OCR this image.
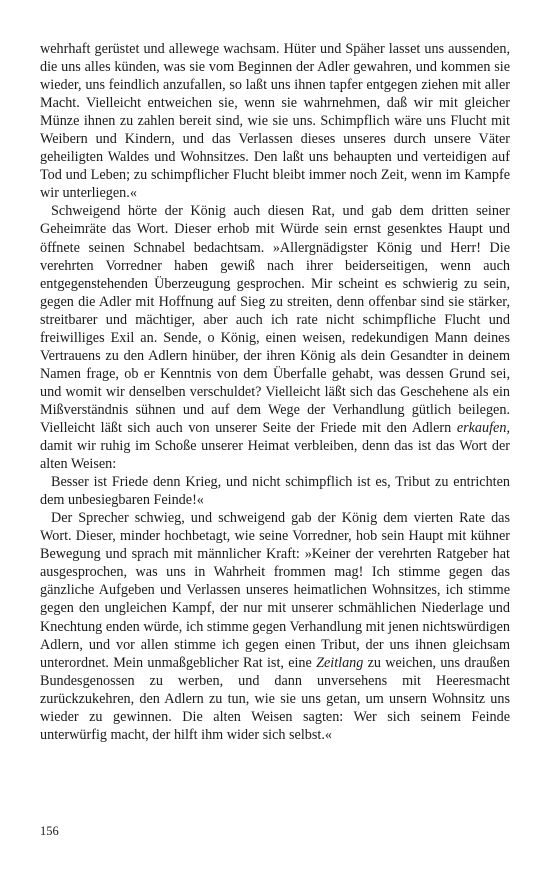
wehrhaft gerüstet und allewege wachsam. Hüter und Späher lasset uns aussenden, die uns alles künden, was sie vom Beginnen der Adler gewahren, und kommen sie wieder, uns feindlich anzufallen, so laßt uns ihnen tapfer entgegen ziehen mit aller Macht. Vielleicht entweichen sie, wenn sie wahrnehmen, daß wir mit gleicher Münze ihnen zu zahlen bereit sind, wie sie uns. Schimpflich wäre uns Flucht mit Weibern und Kindern, und das Verlassen dieses unseres durch unsere Väter geheiligten Waldes und Wohnsitzes. Den laßt uns behaupten und verteidigen auf Tod und Leben; zu schimpflicher Flucht bleibt immer noch Zeit, wenn im Kampfe wir unterliegen.«

Schweigend hörte der König auch diesen Rat, und gab dem dritten seiner Geheimräte das Wort. Dieser erhob mit Würde sein ernst gesenktes Haupt und öffnete seinen Schnabel bedachtsam. »Allergnädigster König und Herr! Die verehrten Vorredner haben gewiß nach ihrer beiderseitigen, wenn auch entgegenstehenden Überzeugung gesprochen. Mir scheint es schwierig zu sein, gegen die Adler mit Hoffnung auf Sieg zu streiten, denn offenbar sind sie stärker, streitbarer und mächtiger, aber auch ich rate nicht schimpfliche Flucht und freiwilliges Exil an. Sende, o König, einen weisen, redekundigen Mann deines Vertrauens zu den Adlern hinüber, der ihren König als dein Gesandter in deinem Namen frage, ob er Kenntnis von dem Überfalle gehabt, was dessen Grund sei, und womit wir denselben verschuldet? Vielleicht läßt sich das Geschehene als ein Mißverständnis sühnen und auf dem Wege der Verhandlung gütlich beilegen. Vielleicht läßt sich auch von unserer Seite der Friede mit den Adlern erkaufen, damit wir ruhig im Schoße unserer Heimat verbleiben, denn das ist das Wort der alten Weisen:

Besser ist Friede denn Krieg, und nicht schimpflich ist es, Tribut zu entrichten dem unbesiegbaren Feinde!«

Der Sprecher schwieg, und schweigend gab der König dem vierten Rate das Wort. Dieser, minder hochbetagt, wie seine Vorredner, hob sein Haupt mit kühner Bewegung und sprach mit männlicher Kraft: »Keiner der verehrten Ratgeber hat ausgesprochen, was uns in Wahrheit frommen mag! Ich stimme gegen das gänzliche Aufgeben und Verlassen unseres heimatlichen Wohnsitzes, ich stimme gegen den ungleichen Kampf, der nur mit unserer schmählichen Niederlage und Knechtung enden würde, ich stimme gegen Verhandlung mit jenen nichtswürdigen Adlern, und vor allen stimme ich gegen einen Tribut, der uns ihnen gleichsam unterordnet. Mein unmaßgeblicher Rat ist, eine Zeitlang zu weichen, uns draußen Bundesgenossen zu werben, und dann unversehens mit Heeresmacht zurückzukehren, den Adlern zu tun, wie sie uns getan, um unsern Wohnsitz uns wieder zu gewinnen. Die alten Weisen sagten: Wer sich seinem Feinde unterwürfig macht, der hilft ihm wider sich selbst.«

156
